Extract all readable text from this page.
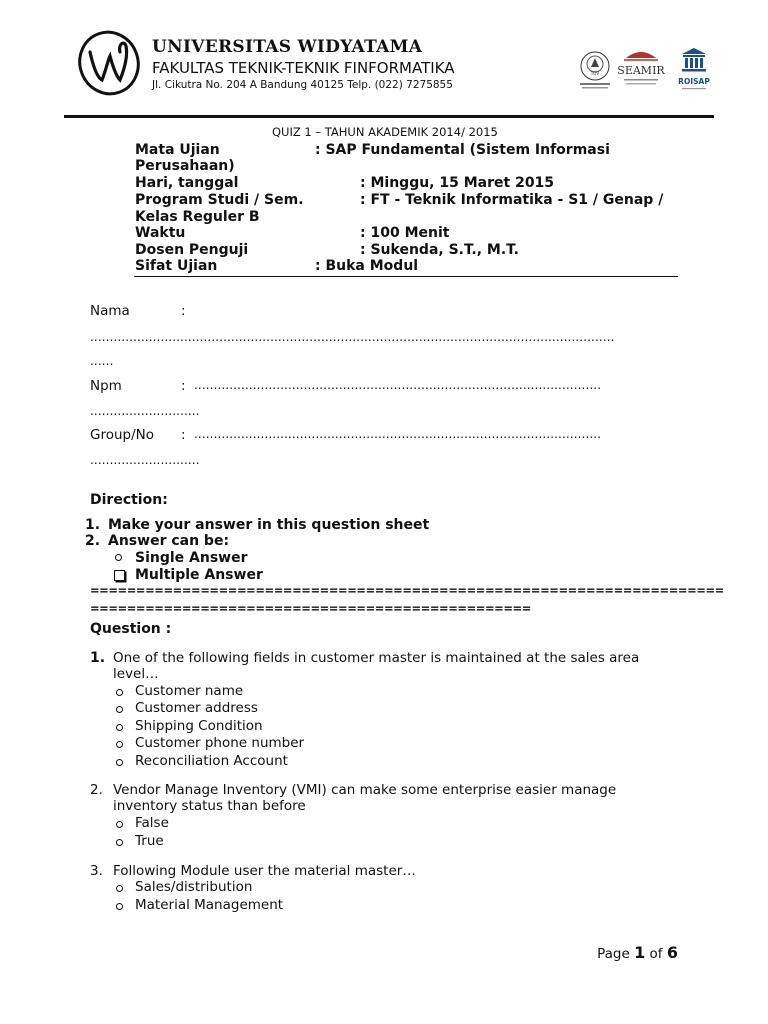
UNIVERSITAS WIDYATAMA
FAKULTAS TEKNIK-TEKNIK FINFORMATIKA
Jl. Cikutra No. 204 A Bandung 40125 Telp. (022) 7275855
TÜV SEAMIR
ROISAP
QUIZ 1 – TAHUN AKADEMIK 2014/ 2015
Mata Ujian	: SAP Fundamental (Sistem Informasi
Perusahaan)
Hari, tanggal	: Minggu, 15 Maret 2015
Program Studi / Sem.	: FT - Teknik Informatika - S1 / Genap /
Kelas Reguler B
Waktu	: 100 Menit
Dosen Penguji	: Sukenda, S.T., M.T.
Sifat Ujian	: Buka Modul
Nama	:
......................................................................................................................................
......
Npm	: ........................................................................................................
............................
Group/No : ........................................................................................................
............................
Direction:
1. Make your answer in this question sheet
2. Answer can be:
Single Answer
Multiple Answer
=====================================================================
================================================
Question :
1. One of the following fields in customer master is maintained at the sales area
level…
Customer name
Customer address
Shipping Condition
Customer phone number
Reconciliation Account
2. Vendor Manage Inventory (VMI) can make some enterprise easier manage
inventory status than before
False
True
3. Following Module user the material master…
Sales/distribution
Material Management
Page 1 of 6
